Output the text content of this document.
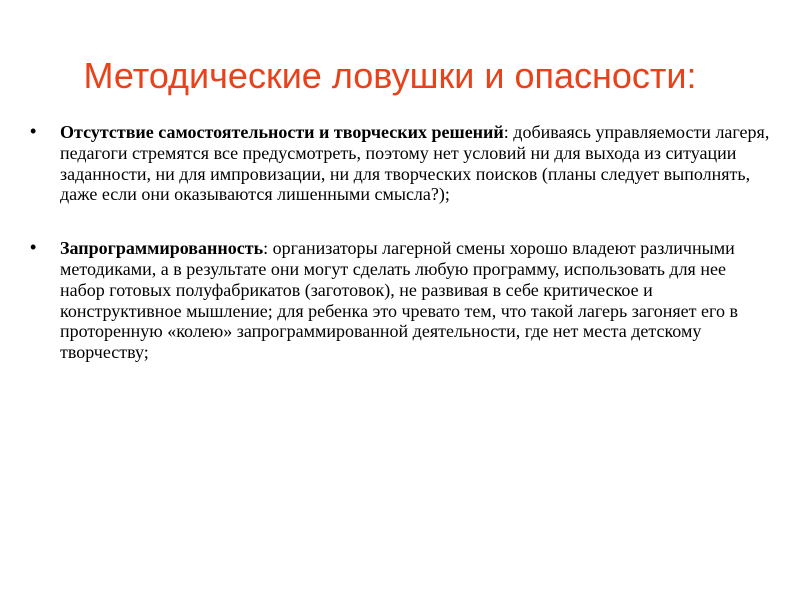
Методические ловушки и опасности:
• Отсутствие самостоятельности и творческих решений: добиваясь управляемости лагеря, педагоги стремятся все предусмотреть, поэтому нет условий ни для выхода из ситуации заданности, ни для импровизации, ни для творческих поисков (планы следует выполнять, даже если они оказываются лишенными смысла?);
• Запрограммированность: организаторы лагерной смены хорошо владеют различными методиками, а в результате они могут сделать любую программу, использовать для нее набор готовых полуфабрикатов (заготовок), не развивая в себе критическое и конструктивное мышление; для ребенка это чревато тем, что такой лагерь загоняет его в проторенную «колею» запрограммированной деятельности, где нет места детскому творчеству;
